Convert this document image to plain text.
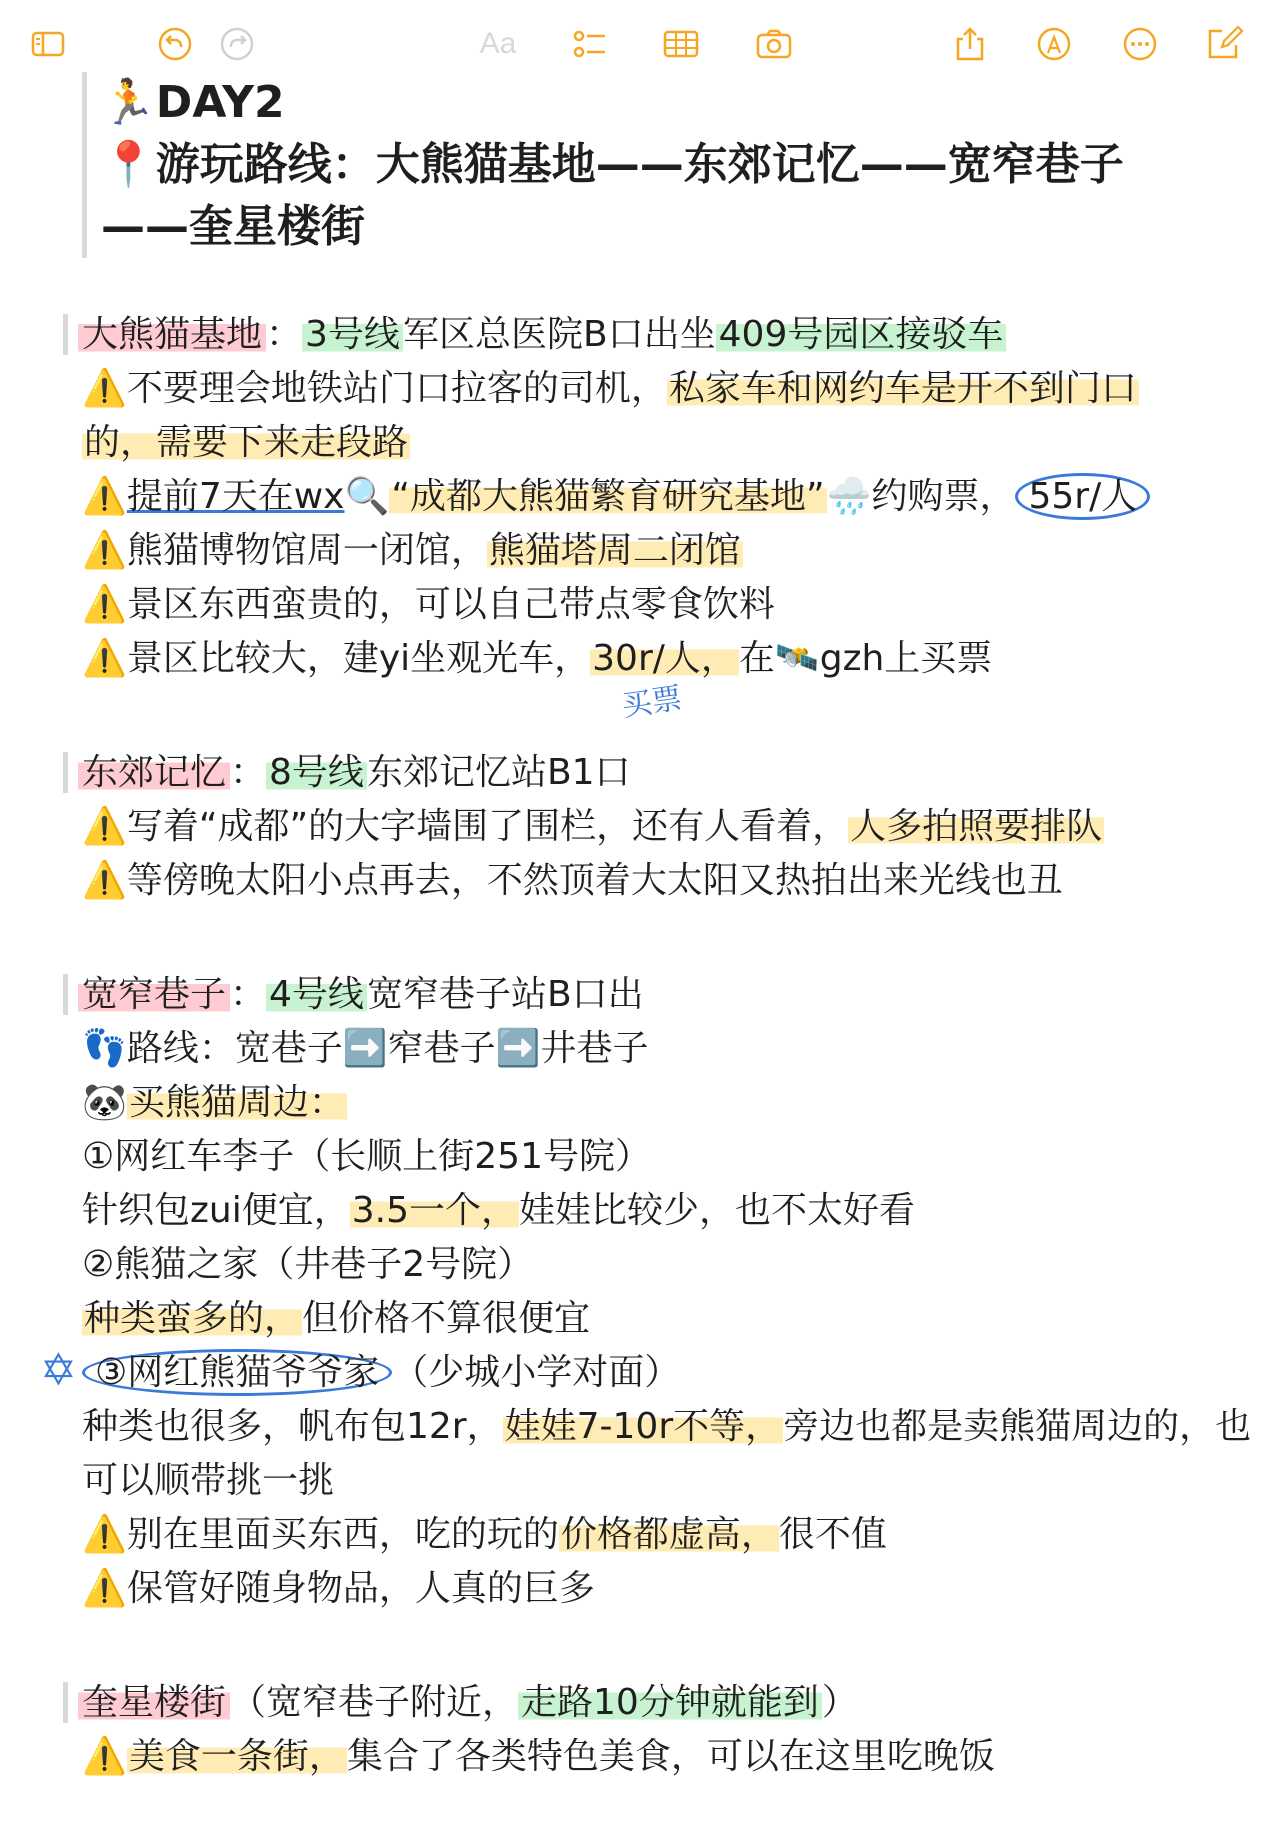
Aa
🏃DAY2
📍游玩路线：大熊猫基地——东郊记忆——宽窄巷子
——奎星楼街
大熊猫基地 ：3号线军区总医院B口出坐409号园区接驳车
⚠️不要理会地铁站门口拉客的司机，私家车和网约车是开不到门口
的，需要下来走段路
⚠️提前7天在wx🔍“成都大熊猫繁育研究基地”🌧️约购票， 55r/人
⚠️熊猫博物馆周一闭馆，熊猫塔周二闭馆
⚠️景区东西蛮贵的，可以自己带点零食饮料
⚠️景区比较大，建yi坐观光车，30r/人，在🛰️gzh上买票
买票
东郊记忆 ：8号线东郊记忆站B1口
⚠️写着“成都”的大字墙围了围栏，还有人看着，人多拍照要排队
⚠️等傍晚太阳小点再去，不然顶着大太阳又热拍出来光线也丑
宽窄巷子 ：4号线宽窄巷子站B口出
👣路线：宽巷子➡️窄巷子➡️井巷子
🐼买熊猫周边：
①网红车李子（长顺上街251号院）
针织包zui便宜，3.5一个，娃娃比较少，也不太好看
②熊猫之家（井巷子2号院）
种类蛮多的，但价格不算很便宜
✡ ③网红熊猫爷爷家 （少城小学对面）
种类也很多，帆布包12r，娃娃7-10r不等，旁边也都是卖熊猫周边的，也可以顺带挑一挑
⚠️别在里面买东西，吃的玩的价格都虚高，很不值
⚠️保管好随身物品，人真的巨多
奎星楼街 （宽窄巷子附近，走路10分钟就能到）
⚠️美食一条街，集合了各类特色美食，可以在这里吃晚饭
